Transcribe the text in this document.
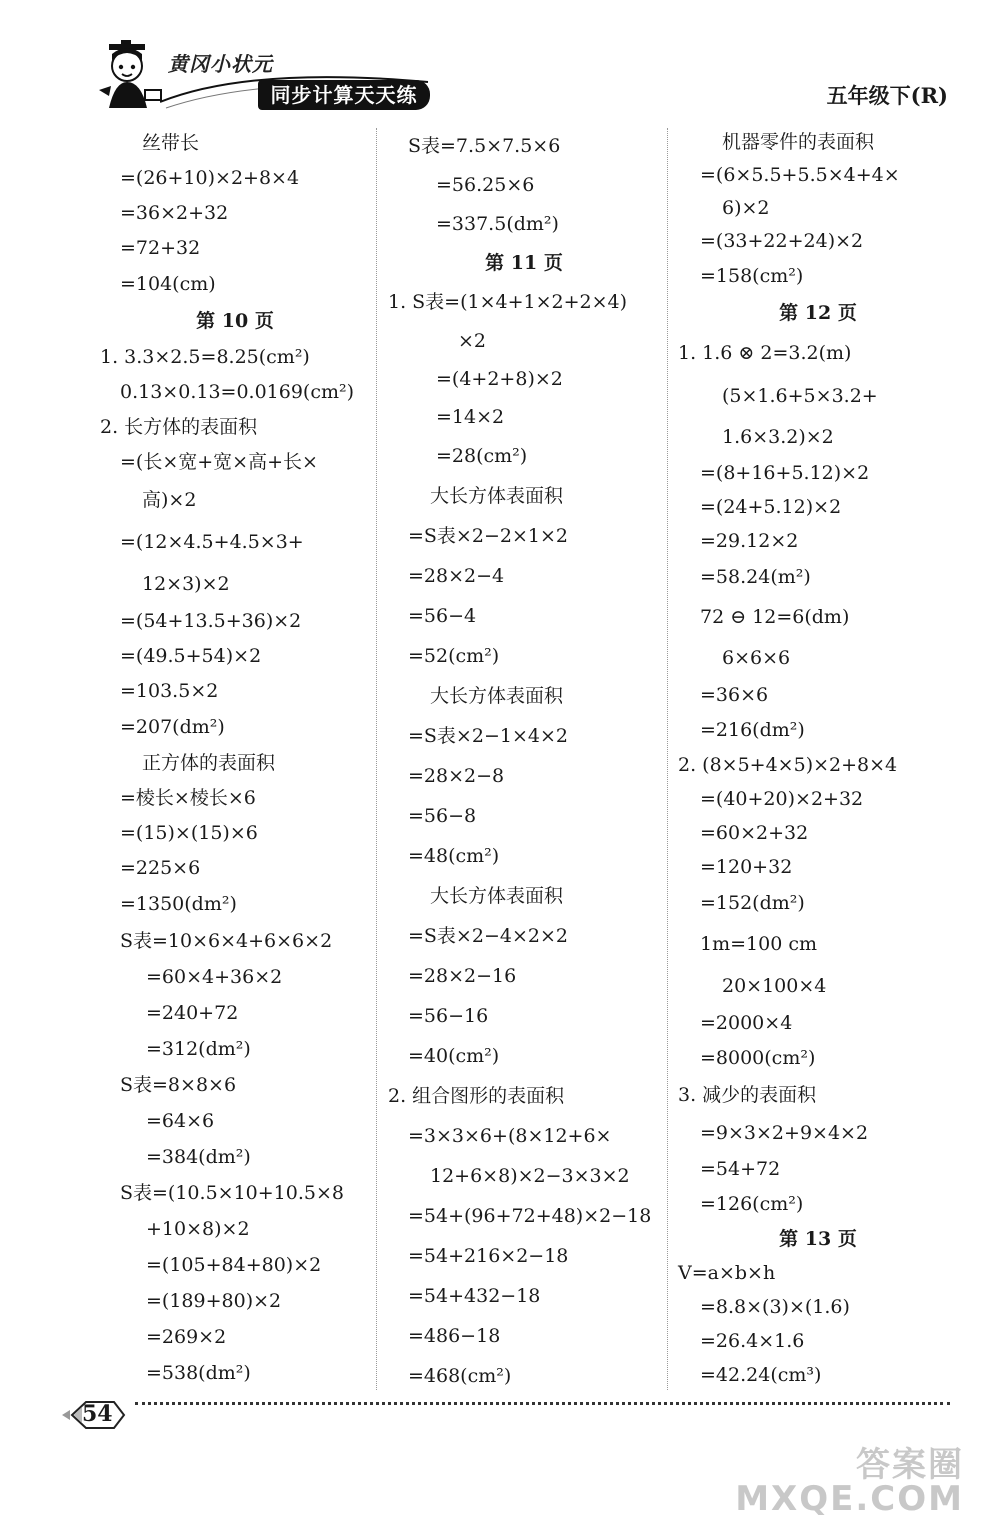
黄冈小状元
同步计算天天练	五年级下(R)
丝带长
=(26+10)×2+8×4
=36×2+32
=72+32
=104(cm)
第 10 页
1. 3.3×2.5=8.25(cm²)
0.13×0.13=0.0169(cm²)
2. 长方体的表面积
=(长×宽+宽×高+长×
高)×2
=(12×4.5+4.5×3+
12×3)×2
=(54+13.5+36)×2
=(49.5+54)×2
=103.5×2
=207(dm²)
正方体的表面积
=棱长×棱长×6
=(15)×(15)×6
=225×6
=1350(dm²)
S表=10×6×4+6×6×2
=60×4+36×2
=240+72
=312(dm²)
S表=8×8×6
=64×6
=384(dm²)
S表=(10.5×10+10.5×8
+10×8)×2
=(105+84+80)×2
=(189+80)×2
=269×2
=538(dm²)
S表=7.5×7.5×6
=56.25×6
=337.5(dm²)
第 11 页
1. S表=(1×4+1×2+2×4)
×2
=(4+2+8)×2
=14×2
=28(cm²)
大长方体表面积
=S表×2−2×1×2
=28×2−4
=56−4
=52(cm²)
大长方体表面积
=S表×2−1×4×2
=28×2−8
=56−8
=48(cm²)
大长方体表面积
=S表×2−4×2×2
=28×2−16
=56−16
=40(cm²)
2. 组合图形的表面积
=3×3×6+(8×12+6×
12+6×8)×2−3×3×2
=54+(96+72+48)×2−18
=54+216×2−18
=54+432−18
=486−18
=468(cm²)
机器零件的表面积
=(6×5.5+5.5×4+4×
6)×2
=(33+22+24)×2
=158(cm²)
第 12 页
1. 1.6 ⊗ 2=3.2(m)
(5×1.6+5×3.2+
1.6×3.2)×2
=(8+16+5.12)×2
=(24+5.12)×2
=29.12×2
=58.24(m²)
72 ⊖ 12=6(dm)
6×6×6
=36×6
=216(dm²)
2. (8×5+4×5)×2+8×4
=(40+20)×2+32
=60×2+32
=120+32
=152(dm²)
1m=100 cm
20×100×4
=2000×4
=8000(cm²)
3. 减少的表面积
=9×3×2+9×4×2
=54+72
=126(cm²)
第 13 页
V=a×b×h
=8.8×(3)×(1.6)
=26.4×1.6
=42.24(cm³)
54
答案圈
MXQE.COM
